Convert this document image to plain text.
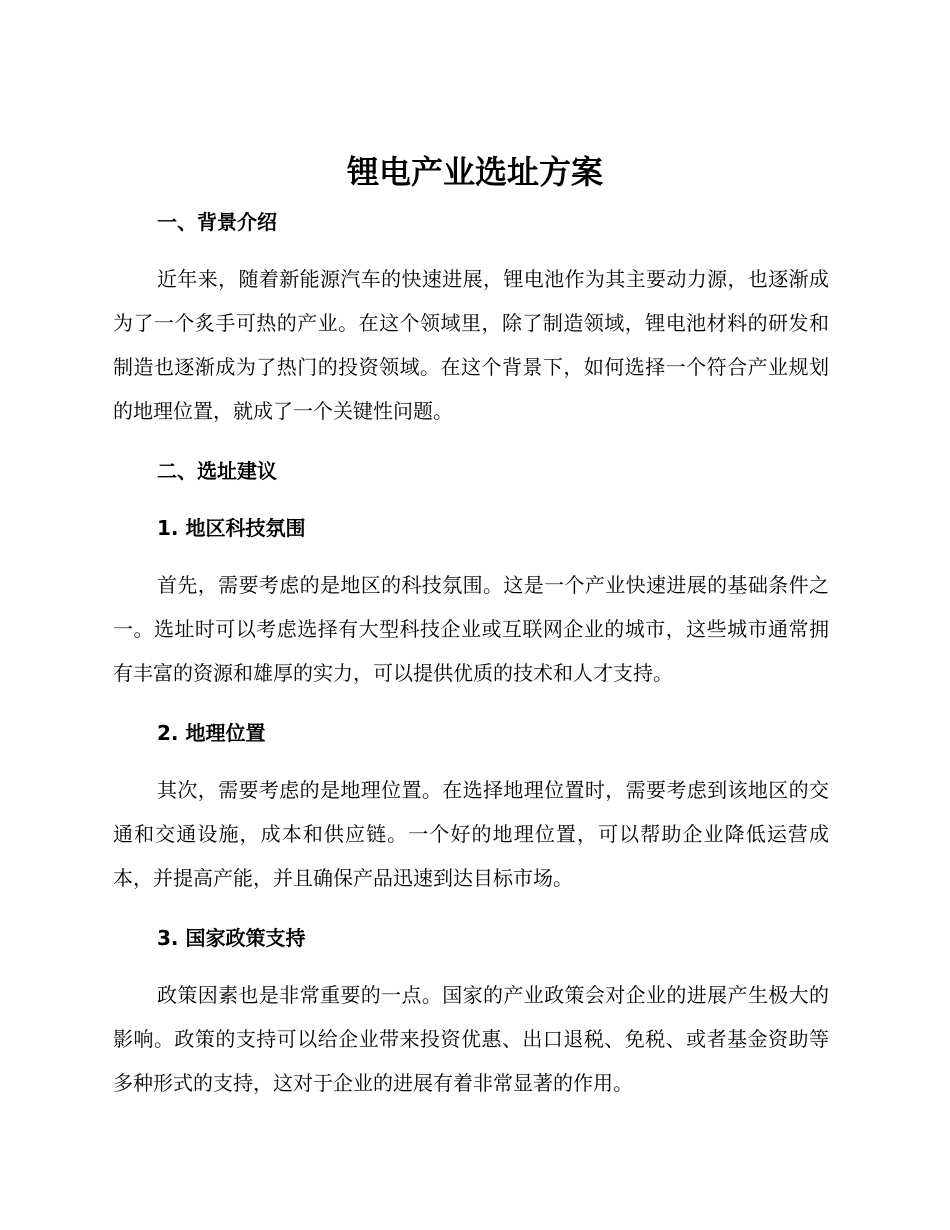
锂电产业选址方案
一、背景介绍

近年来，随着新能源汽车的快速进展，锂电池作为其主要动力源，也逐渐成为了一个炙手可热的产业。在这个领域里，除了制造领域，锂电池材料的研发和制造也逐渐成为了热门的投资领域。在这个背景下，如何选择一个符合产业规划的地理位置，就成了一个关键性问题。

二、选址建议
1. 地区科技氛围

首先，需要考虑的是地区的科技氛围。这是一个产业快速进展的基础条件之一。选址时可以考虑选择有大型科技企业或互联网企业的城市，这些城市通常拥有丰富的资源和雄厚的实力，可以提供优质的技术和人才支持。

2. 地理位置

其次，需要考虑的是地理位置。在选择地理位置时，需要考虑到该地区的交通和交通设施，成本和供应链。一个好的地理位置，可以帮助企业降低运营成本，并提高产能，并且确保产品迅速到达目标市场。

3. 国家政策支持

政策因素也是非常重要的一点。国家的产业政策会对企业的进展产生极大的影响。政策的支持可以给企业带来投资优惠、出口退税、免税、或者基金资助等多种形式的支持，这对于企业的进展有着非常显著的作用。
